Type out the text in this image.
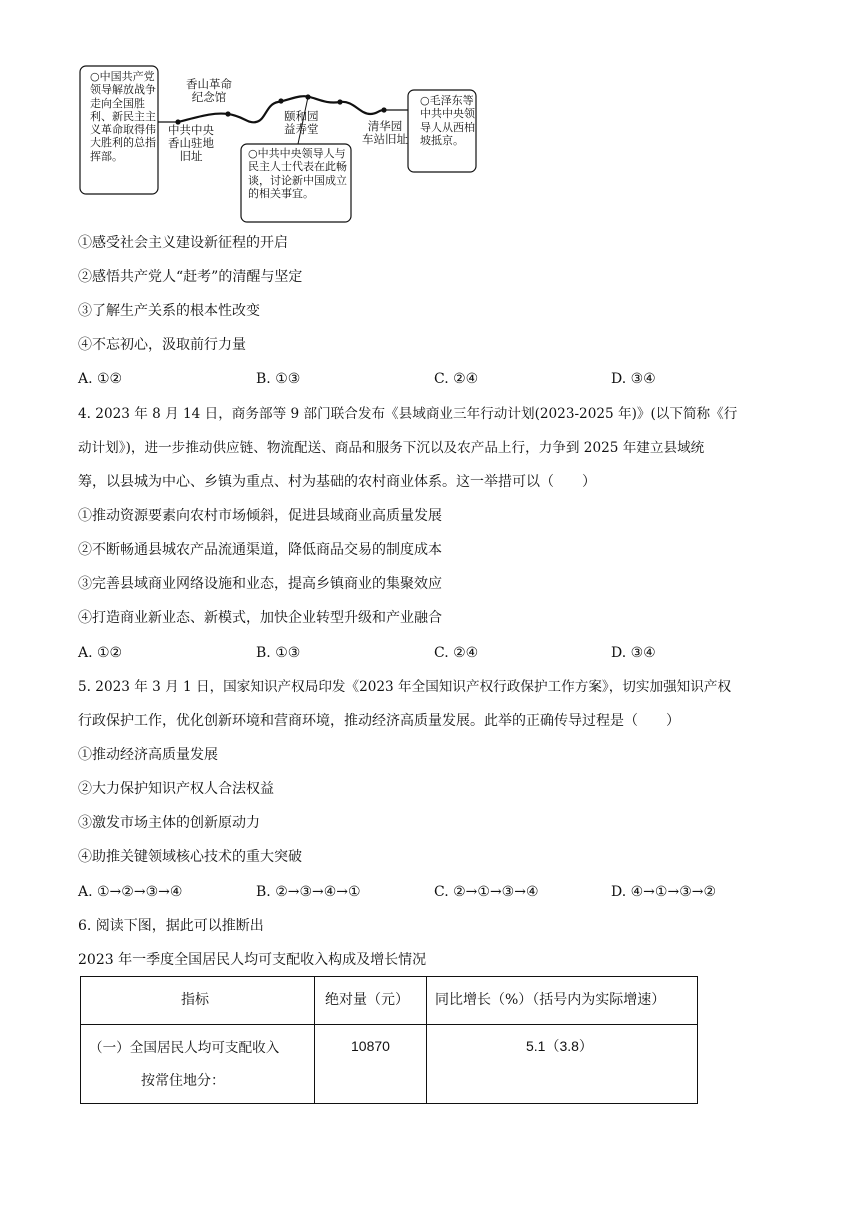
○中国共产党领导解放战争走向全国胜利、新民主主义革命取得伟大胜利的总指挥部。	○中共中央领导人与民主人士代表在此畅谈，讨论新中国成立的相关事宜。
○毛泽东等中共中央领导人从西柏坡抵京。
香山革命
纪念馆
中共中央
香山驻地
旧址
颐和园
益寿堂	清华园
车站旧址
①感受社会主义建设新征程的开启
②感悟共产党人“赶考”的清醒与坚定
③了解生产关系的根本性改变
④不忘初心，汲取前行力量
A. ①②	B. ①③	C. ②④	D. ③④
4. 2023 年 8 月 14 日，商务部等 9 部门联合发布《县域商业三年行动计划(2023-2025 年)》(以下简称《行
动计划》)，进一步推动供应链、物流配送、商品和服务下沉以及农产品上行，力争到 2025 年建立县域统
筹，以县城为中心、乡镇为重点、村为基础的农村商业体系。这一举措可以（　　）
①推动资源要素向农村市场倾斜，促进县域商业高质量发展
②不断畅通县城农产品流通渠道，降低商品交易的制度成本
③完善县域商业网络设施和业态，提高乡镇商业的集聚效应
④打造商业新业态、新模式，加快企业转型升级和产业融合
A. ①②	B. ①③	C. ②④	D. ③④
5. 2023 年 3 月 1 日，国家知识产权局印发《2023 年全国知识产权行政保护工作方案》，切实加强知识产权
行政保护工作，优化创新环境和营商环境，推动经济高质量发展。此举的正确传导过程是（　　）
①推动经济高质量发展
②大力保护知识产权人合法权益
③激发市场主体的创新原动力
④助推关键领域核心技术的重大突破
A. ①→②→③→④	B. ②→③→④→①	C. ②→①→③→④	D. ④→①→③→②
6. 阅读下图，据此可以推断出
2023 年一季度全国居民人均可支配收入构成及增长情况
指标	绝对量（元） 同比增长（%）（括号内为实际增速）
（一）全国居民人均可支配收入
按常住地分：
10870	5.1（3.8）
